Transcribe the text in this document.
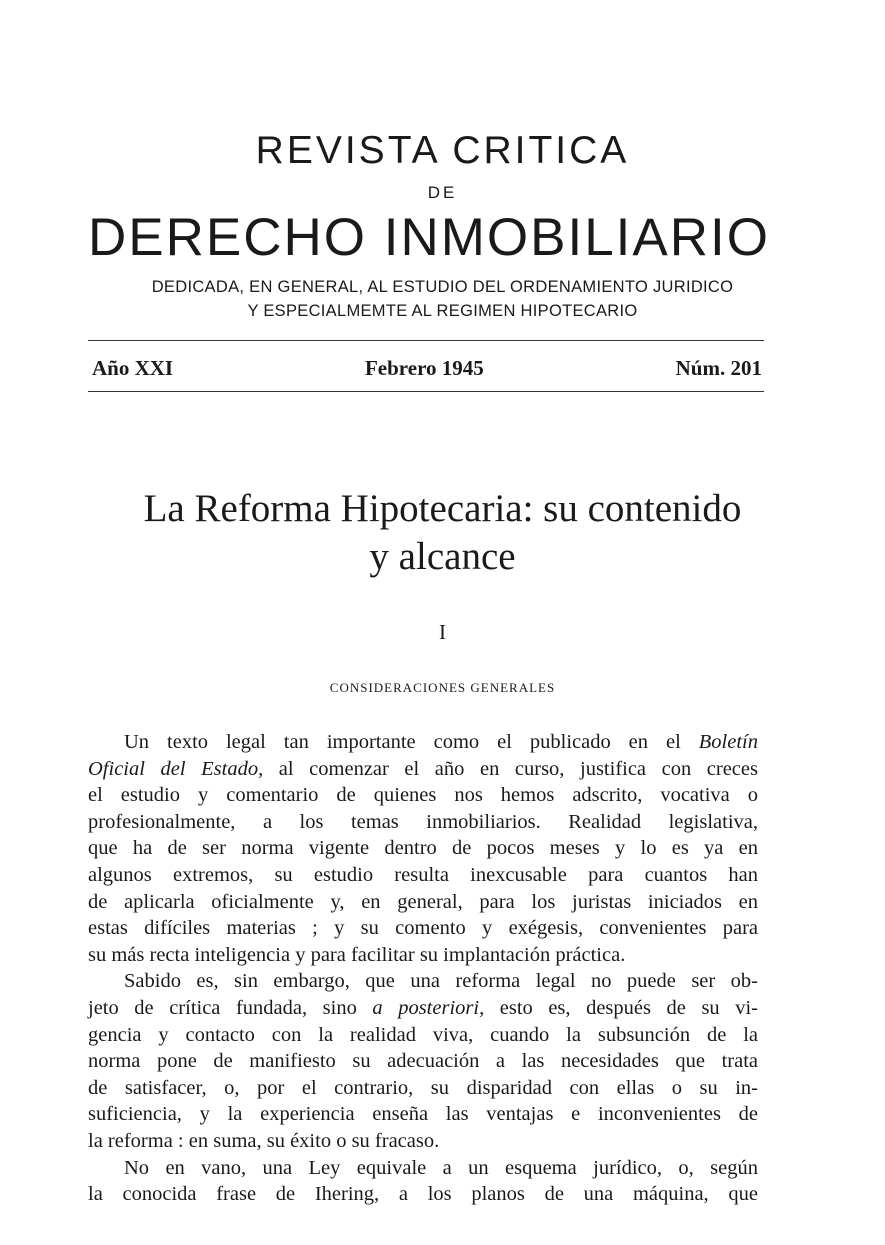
REVISTA CRITICA
DE
DERECHO INMOBILIARIO
DEDICADA, EN GENERAL, AL ESTUDIO DEL ORDENAMIENTO JURIDICO
Y ESPECIALMEMTE AL REGIMEN HIPOTECARIO
Año XXI	Febrero 1945	Núm. 201
La Reforma Hipotecaria: su contenido
y alcance
I
CONSIDERACIONES GENERALES
Un texto legal tan importante como el publicado en el Boletín
Oficial del Estado, al comenzar el año en curso, justifica con creces
el estudio y comentario de quienes nos hemos adscrito, vocativa o
profesionalmente, a los temas inmobiliarios. Realidad legislativa,
que ha de ser norma vigente dentro de pocos meses y lo es ya en
algunos extremos, su estudio resulta inexcusable para cuantos han
de aplicarla oficialmente y, en general, para los juristas iniciados en
estas difíciles materias ; y su comento y exégesis, convenientes para
su más recta inteligencia y para facilitar su implantación práctica.
Sabido es, sin embargo, que una reforma legal no puede ser ob-
jeto de crítica fundada, sino a posteriori, esto es, después de su vi-
gencia y contacto con la realidad viva, cuando la subsunción de la
norma pone de manifiesto su adecuación a las necesidades que trata
de satisfacer, o, por el contrario, su disparidad con ellas o su in-
suficiencia, y la experiencia enseña las ventajas e inconvenientes de
la reforma : en suma, su éxito o su fracaso.
No en vano, una Ley equivale a un esquema jurídico, o, según
la conocida frase de Ihering, a los planos de una máquina, que
